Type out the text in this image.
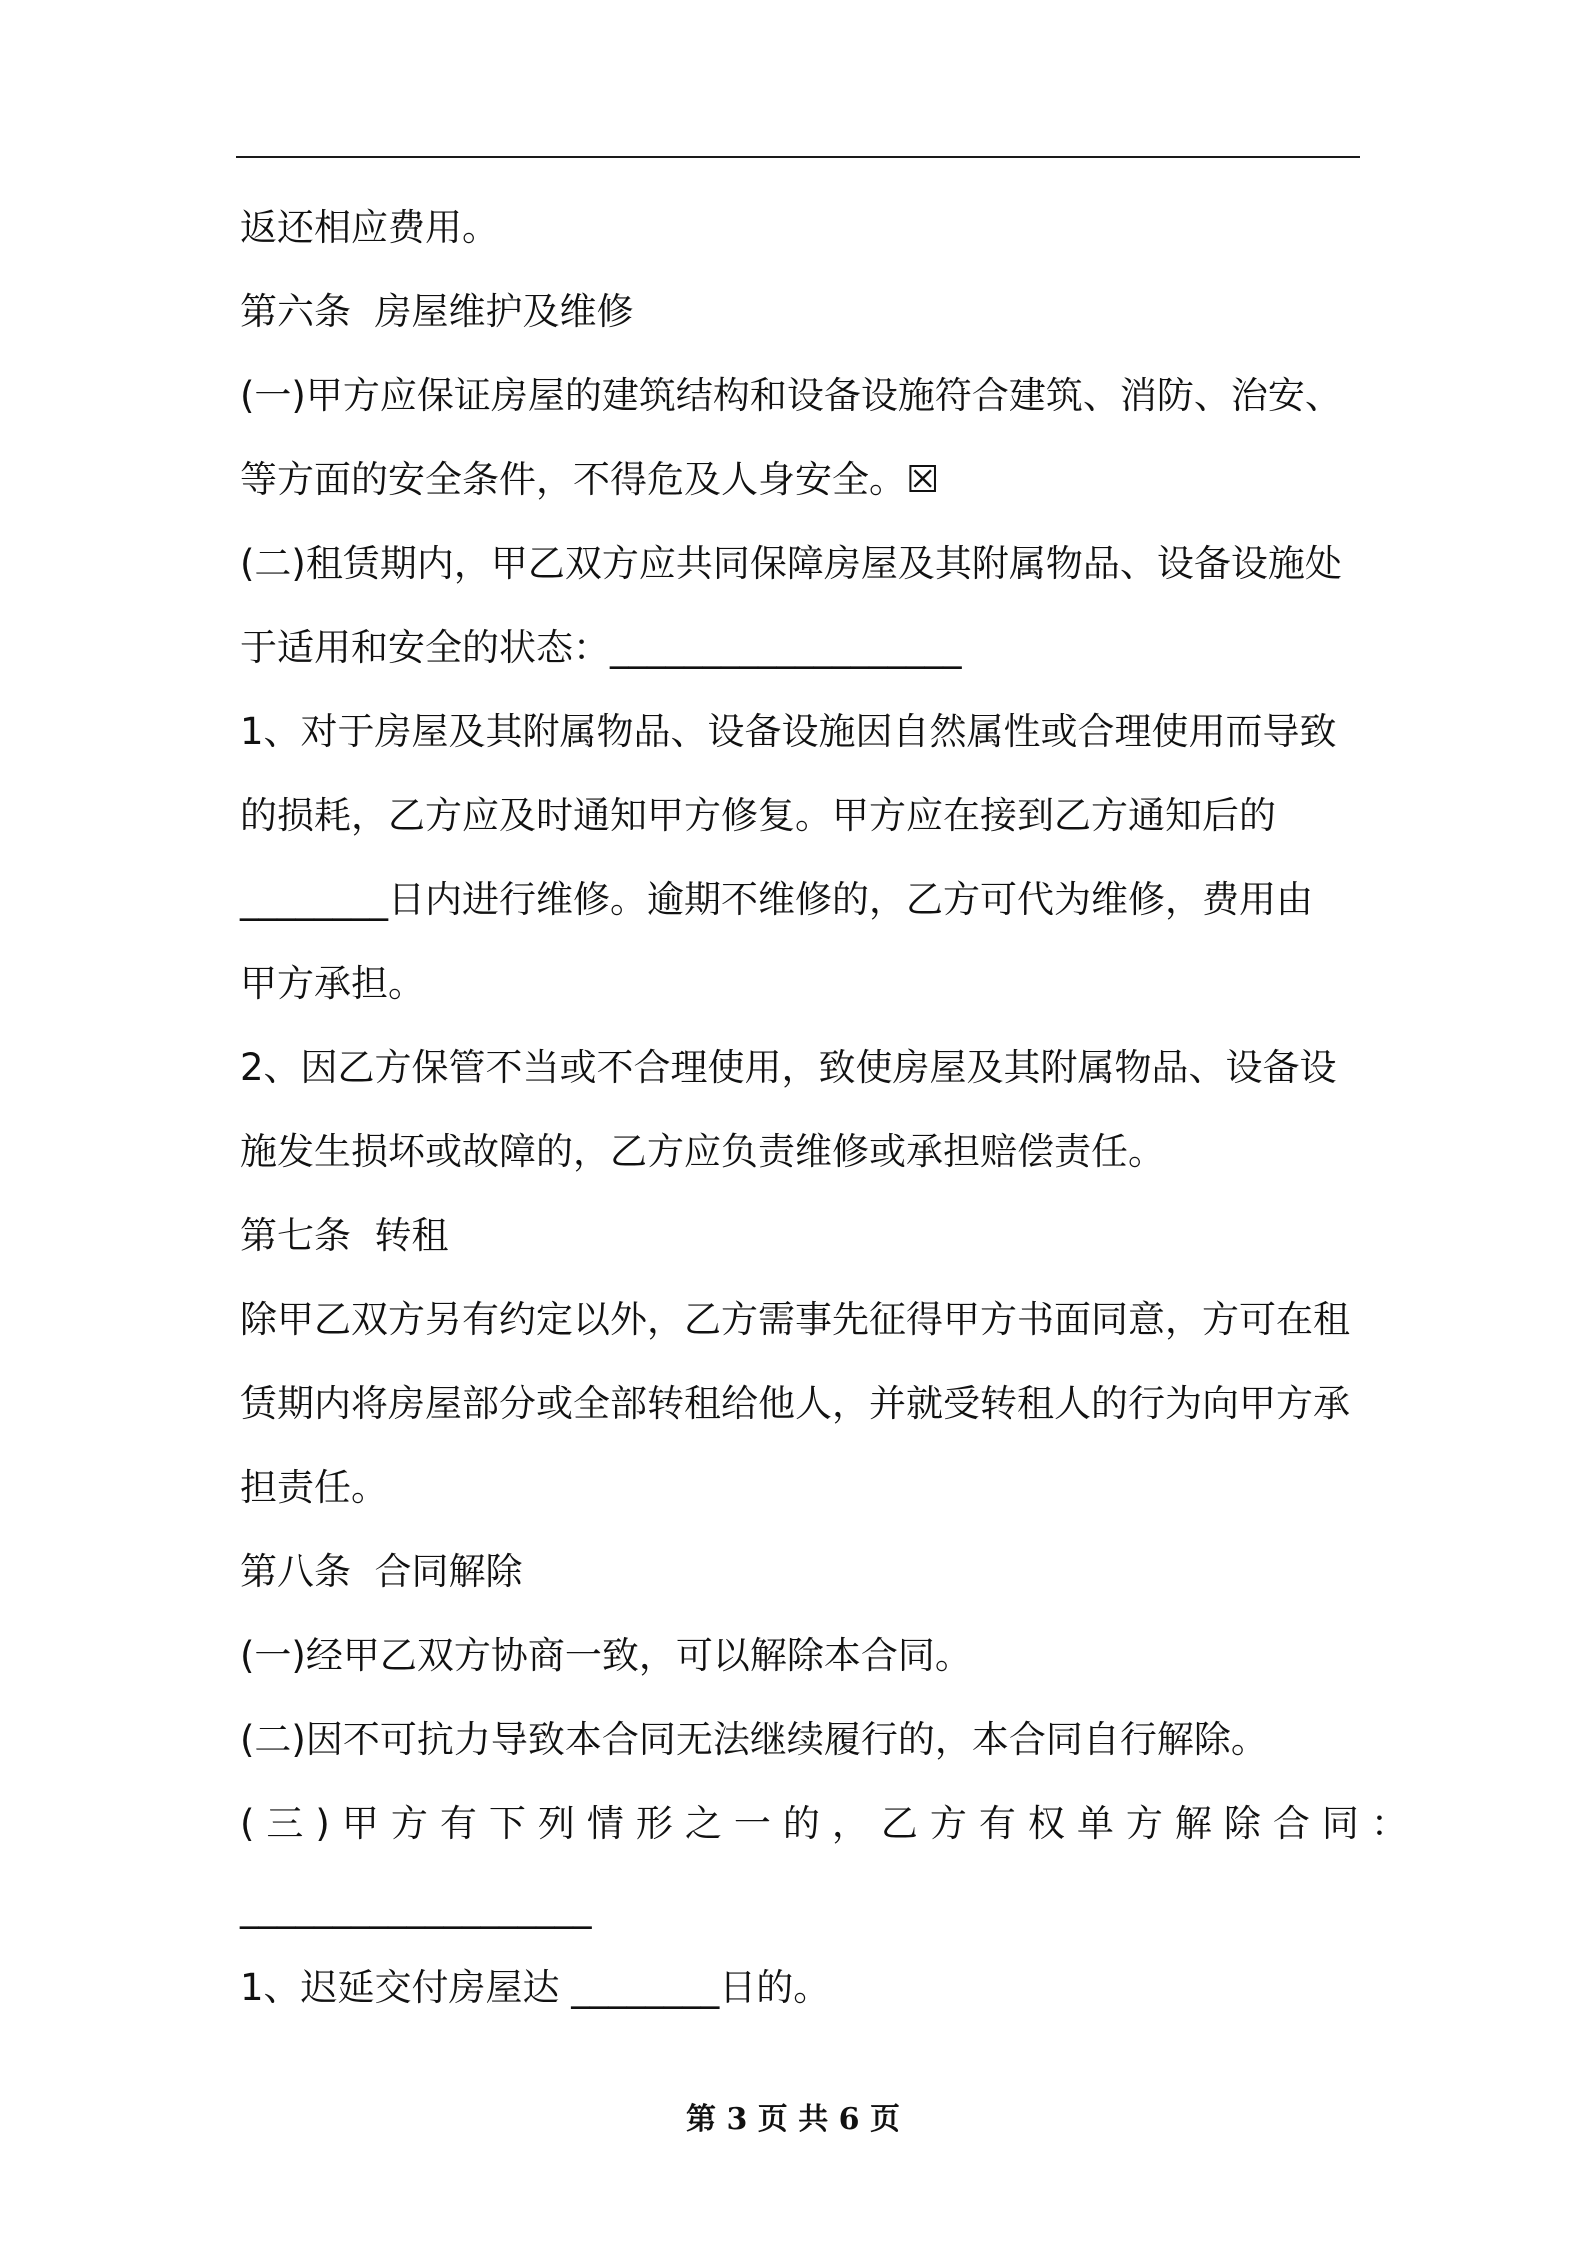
返还相应费用。
第六条  房屋维护及维修
(一)甲方应保证房屋的建筑结构和设备设施符合建筑、消防、治安、
等方面的安全条件，不得危及人身安全。☒
(二)租赁期内，甲乙双方应共同保障房屋及其附属物品、设备设施处
于适用和安全的状态：___________________
1、对于房屋及其附属物品、设备设施因自然属性或合理使用而导致
的损耗，乙方应及时通知甲方修复。甲方应在接到乙方通知后的
________日内进行维修。逾期不维修的，乙方可代为维修，费用由
甲方承担。
2、因乙方保管不当或不合理使用，致使房屋及其附属物品、设备设
施发生损坏或故障的，乙方应负责维修或承担赔偿责任。
第七条  转租
除甲乙双方另有约定以外，乙方需事先征得甲方书面同意，方可在租
赁期内将房屋部分或全部转租给他人，并就受转租人的行为向甲方承
担责任。
第八条  合同解除
(一)经甲乙双方协商一致，可以解除本合同。
(二)因不可抗力导致本合同无法继续履行的，本合同自行解除。
(三)甲方有下列情形之一的，乙方有权单方解除合同：
___________________
1、迟延交付房屋达 ________日的。
第 3 页 共 6 页
